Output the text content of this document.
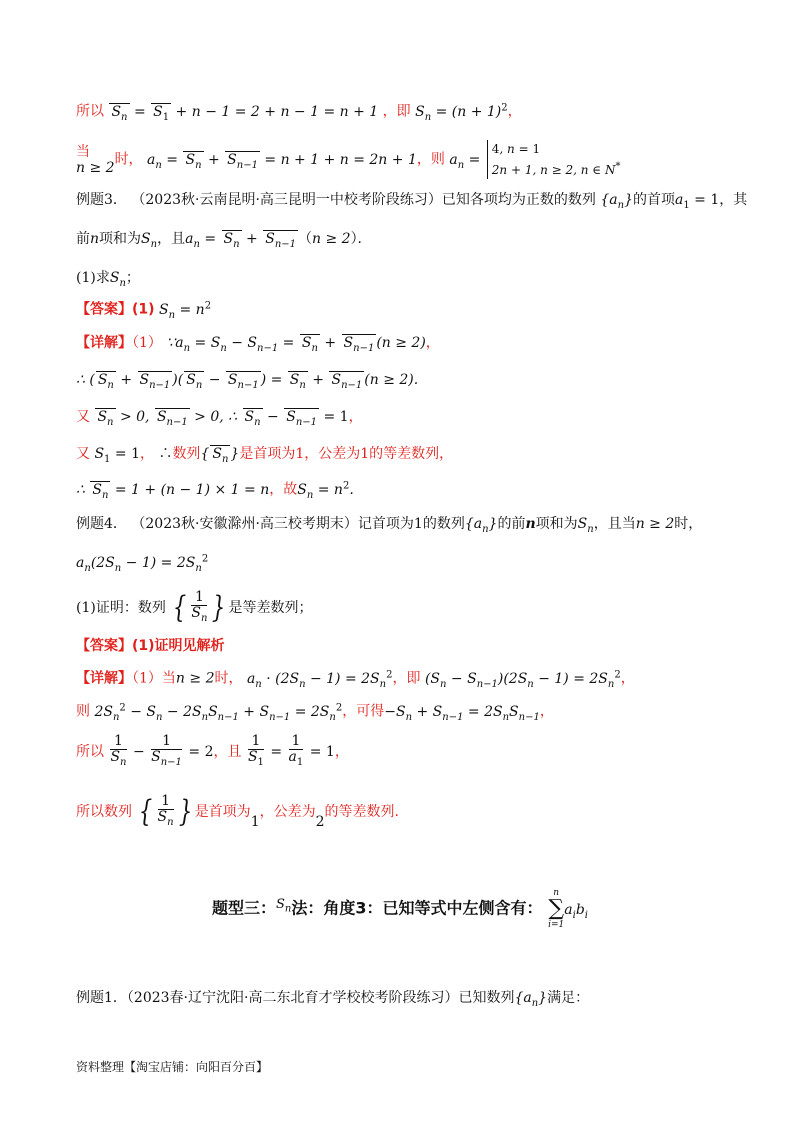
所以 $S_n = S_1 + n - 1 = 2 + n - 1 = n + 1$ ，即 $S_n = (n + 1)^2$，
当
n ≥ 2时， $a_n = S_n + S_{n-1} = n + 1 + n = 2n + 1$，则 $a_n = 4$, n = 1
2n + 1, n ≥ 2, n ∈ N*
例题3． （2023秋·云南昆明·高三昆明一中校考阶段练习）已知各项均为正数的数列 $\{a_n\}$的首项$a_1 = 1$，其
前n项和为$S_n$，且$a_n = S_n + S_{n-1}$ （n ≥ 2）．
(1)求$S_n$；
【答案】(1) $S_n = n^2$
【详解】（1） $\because a_n = S_n - S_{n-1} = S_n + S_{n-1}$ (n ≥ 2)，
∴ ( $S_n + S_{n-1}$ )( $S_n - S_{n-1}$ ) = $S_n + S_{n-1}$ (n ≥ 2).
又 $S_n > 0$, $S_{n-1} > 0$, ∴ $S_n - S_{n-1} = 1$，
又 $S_1 = 1$， ∴数列{ $S_n$ }是首项为1，公差为1的等差数列，
∴ $S_n = 1 + (n - 1) \times 1 = n$，故$S_n = n^2$.
例题4． （2023秋·安徽滁州·高三校考期末）记首项为1的数列$\{a_n\}$的前n项和为$S_n$，且当n ≥ 2时，
$a_n(2S_n - 1) = 2S_n^2$
(1)证明：数列 { $\frac{1}{S_n}$ } 是等差数列；
【答案】(1)证明见解析
【详解】（1）当n ≥ 2时， $a_n \cdot (2S_n - 1) = 2S_n^2$，即 $(S_n - S_{n-1})(2S_n - 1) = 2S_n^2$，
则 $2S_n^2 - S_n - 2S_nS_{n-1} + S_{n-1} = 2S_n^2$，可得$-S_n + S_{n-1} = 2S_nS_{n-1}$，
所以 $\frac{1}{S_n} - \frac{1}{S_{n-1}} = 2$，且 $\frac{1}{S_1} = \frac{1}{a_1} = 1$，
所以数列 { $\frac{1}{S_n}$ } 是首项为1，公差为2的等差数列.
题型三：$^{S_n}$法：角度3：已知等式中左侧含有：
n
∑
i=1
$a_ib_i$
例题1．（2023春·辽宁沈阳·高二东北育才学校校考阶段练习）已知数列$\{a_n\}$满足：
资料整理【淘宝店铺：向阳百分百】
